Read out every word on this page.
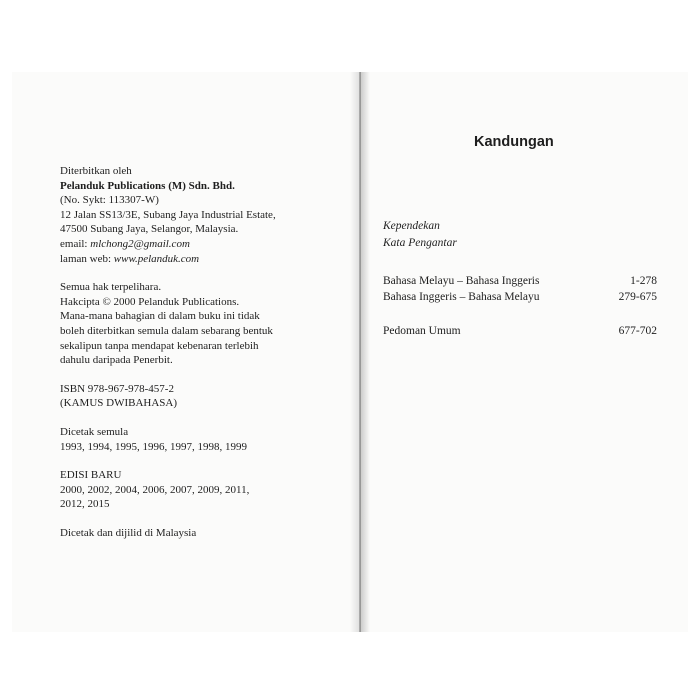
Diterbitkan oleh
Pelanduk Publications (M) Sdn. Bhd.
(No. Sykt: 113307-W)
12 Jalan SS13/3E, Subang Jaya Industrial Estate,
47500 Subang Jaya, Selangor, Malaysia.
email: mlchong2@gmail.com
laman web: www.pelanduk.com
Semua hak terpelihara.
Hakcipta © 2000 Pelanduk Publications.
Mana-mana bahagian di dalam buku ini tidak
boleh diterbitkan semula dalam sebarang bentuk
sekalipun tanpa mendapat kebenaran terlebih
dahulu daripada Penerbit.
ISBN 978-967-978-457-2
(KAMUS DWIBAHASA)
Dicetak semula
1993, 1994, 1995, 1996, 1997, 1998, 1999
EDISI BARU
2000, 2002, 2004, 2006, 2007, 2009, 2011,
2012, 2015
Dicetak dan dijilid di Malaysia
Kandungan
Kependekan
Kata Pengantar
Bahasa Melayu – Bahasa Inggeris	1-278
Bahasa Inggeris – Bahasa Melayu	279-675
Pedoman Umum	677-702
